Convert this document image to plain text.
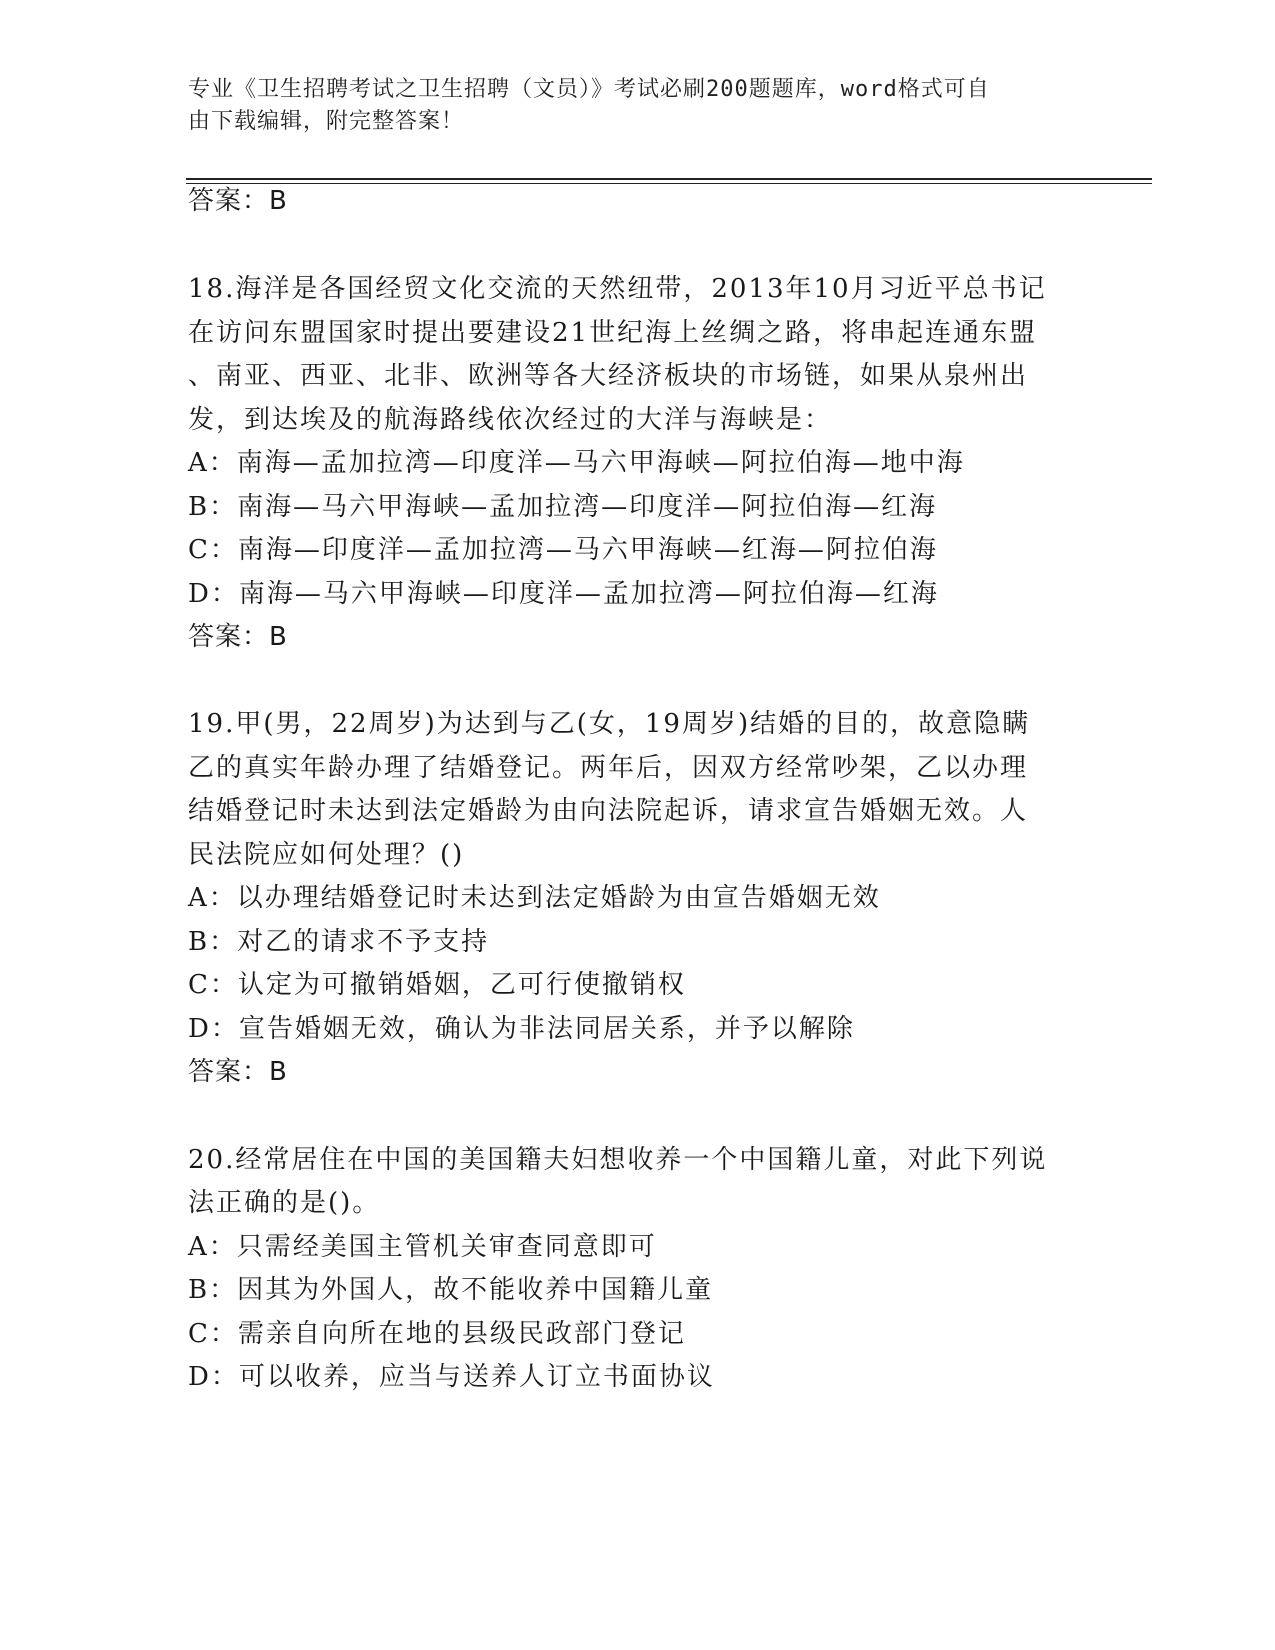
专业《卫生招聘考试之卫生招聘（文员）》考试必刷200题题库，word格式可自
由下载编辑，附完整答案！
答案：B
18.海洋是各国经贸文化交流的天然纽带，2013年10月习近平总书记
在访问东盟国家时提出要建设21世纪海上丝绸之路，将串起连通东盟
、南亚、西亚、北非、欧洲等各大经济板块的市场链，如果从泉州出
发，到达埃及的航海路线依次经过的大洋与海峡是：
A：南海—孟加拉湾—印度洋—马六甲海峡—阿拉伯海—地中海
B：南海—马六甲海峡—孟加拉湾—印度洋—阿拉伯海—红海
C：南海—印度洋—孟加拉湾—马六甲海峡—红海—阿拉伯海
D：南海—马六甲海峡—印度洋—孟加拉湾—阿拉伯海—红海
答案：B
19.甲(男，22周岁)为达到与乙(女，19周岁)结婚的目的，故意隐瞒
乙的真实年龄办理了结婚登记。两年后，因双方经常吵架，乙以办理
结婚登记时未达到法定婚龄为由向法院起诉，请求宣告婚姻无效。人
民法院应如何处理？()
A：以办理结婚登记时未达到法定婚龄为由宣告婚姻无效
B：对乙的请求不予支持
C：认定为可撤销婚姻，乙可行使撤销权
D：宣告婚姻无效，确认为非法同居关系，并予以解除
答案：B
20.经常居住在中国的美国籍夫妇想收养一个中国籍儿童，对此下列说
法正确的是()。
A：只需经美国主管机关审查同意即可
B：因其为外国人，故不能收养中国籍儿童
C：需亲自向所在地的县级民政部门登记
D：可以收养，应当与送养人订立书面协议
